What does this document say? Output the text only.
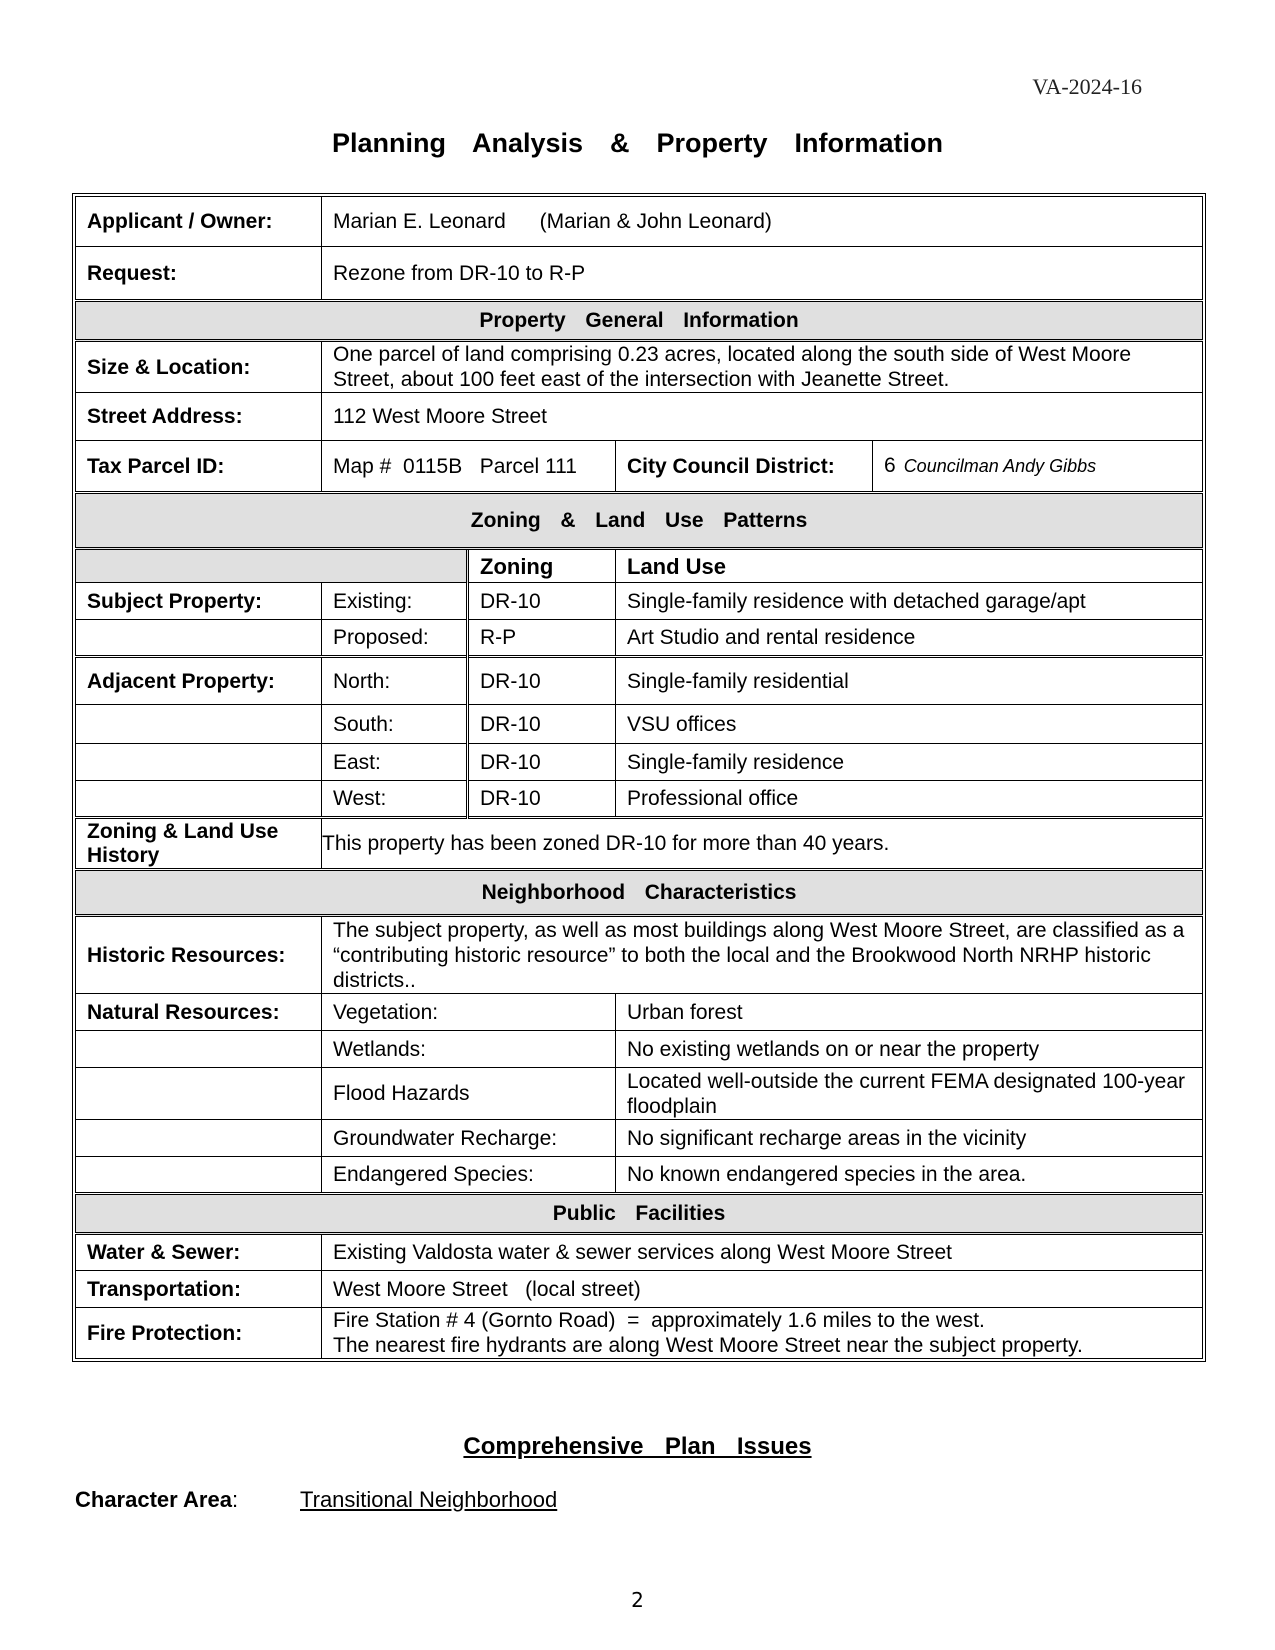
VA-2024-16
Planning  Analysis  &  Property  Information
Applicant / Owner:	Marian E. Leonard (Marian & John Leonard)			
Request:	Rezone from DR-10 to R-P			
Property  General  Information				
Size & Location:	One parcel of land comprising 0.23 acres, located along the south side of West Moore Street, about 100 feet east of the intersection with Jeanette Street.			
Street Address:	112 West Moore Street			
Tax Parcel ID:	Map #  0115B   Parcel 111		City Council District:	6 Councilman Andy Gibbs
Zoning  &  Land  Use  Patterns				
		Zoning	Land Use	
Subject Property:	Existing:	DR-10	Single-family residence with detached garage/apt	
	Proposed:	R-P	Art Studio and rental residence	
Adjacent Property:	North:	DR-10	Single-family residential	
	South:	DR-10	VSU offices	
	East:	DR-10	Single-family residence	
	West:	DR-10	Professional office	
Zoning & Land Use History	This property has been zoned DR-10 for more than 40 years.			
Neighborhood  Characteristics				
Historic Resources:	The subject property, as well as most buildings along West Moore Street, are classified as a “contributing historic resource” to both the local and the Brookwood North NRHP historic districts..			
Natural Resources:	Vegetation:		Urban forest	
	Wetlands:		No existing wetlands on or near the property	
	Flood Hazards		Located well-outside the current FEMA designated 100-year floodplain	
	Groundwater Recharge:		No significant recharge areas in the vicinity	
	Endangered Species:		No known endangered species in the area.	
Public  Facilities				
Water & Sewer:	Existing Valdosta water & sewer services along West Moore Street			
Transportation:	West Moore Street   (local street)			
Fire Protection:	Fire Station # 4 (Gornto Road)  =  approximately 1.6 miles to the west.
The nearest fire hydrants are along West Moore Street near the subject property.			
Comprehensive  Plan  Issues
Character Area:	Transitional Neighborhood
2
